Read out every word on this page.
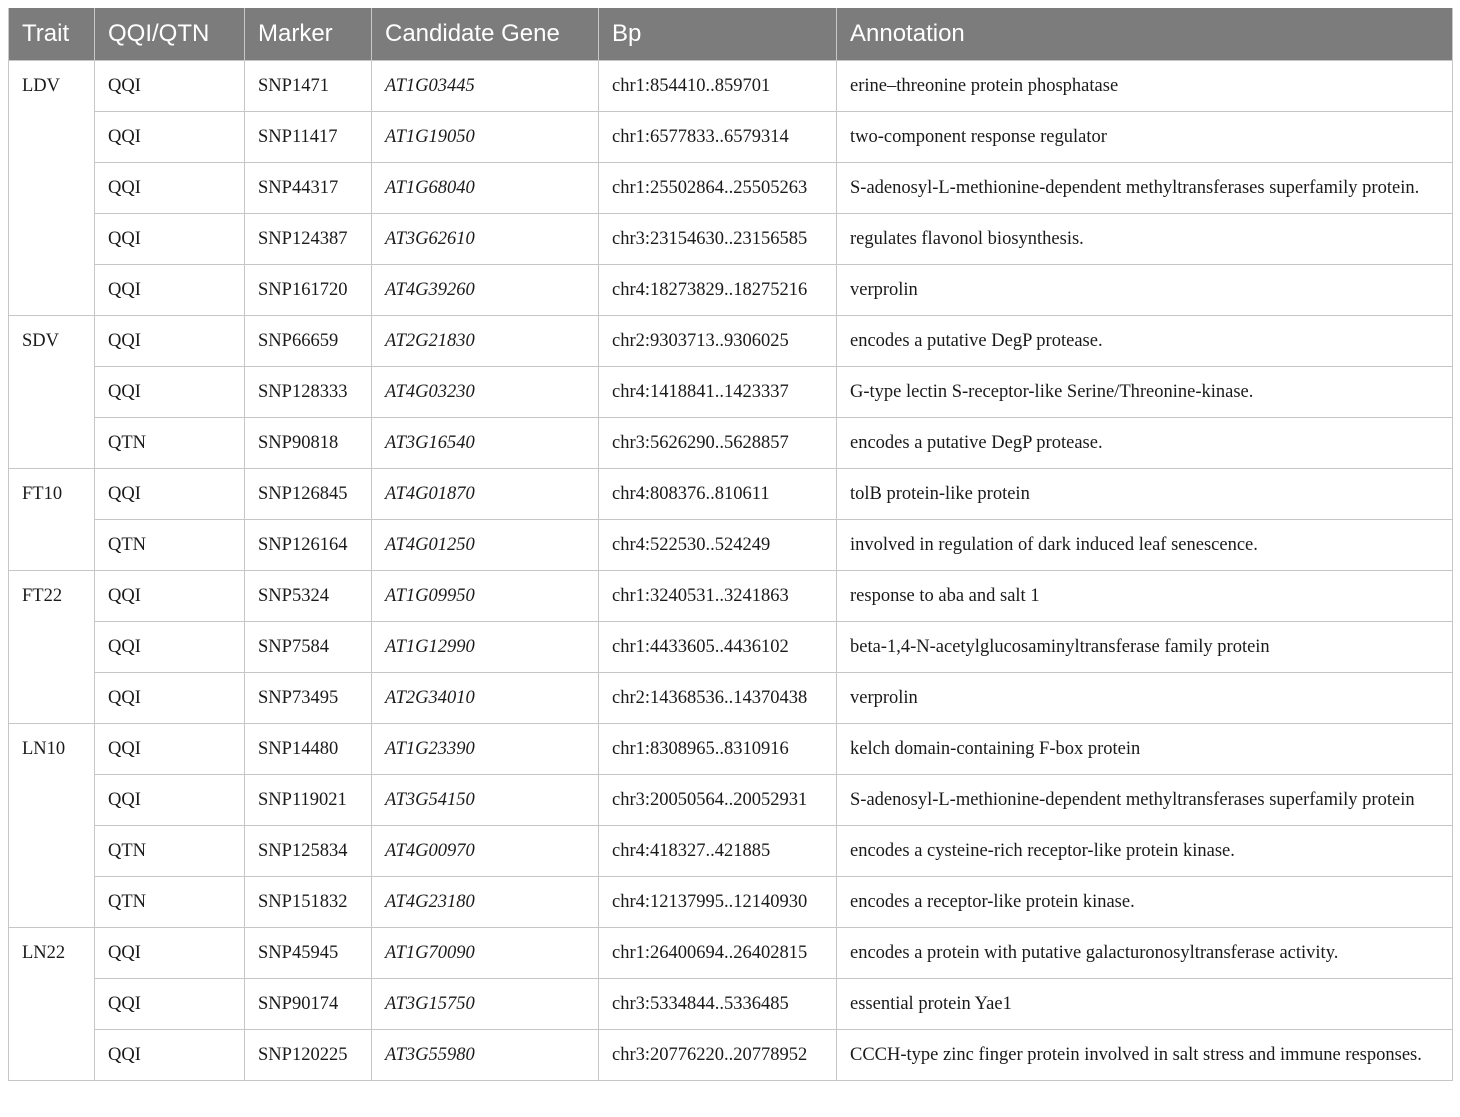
Trait	QQI/QTN	Marker	Candidate Gene	Bp	Annotation
LDV	QQI	SNP1471	AT1G03445	chr1:854410..859701	erine–threonine protein phosphatase
	QQI	SNP11417	AT1G19050	chr1:6577833..6579314	two-component response regulator
	QQI	SNP44317	AT1G68040	chr1:25502864..25505263	S-adenosyl-L-methionine-dependent methyltransferases superfamily protein.
	QQI	SNP124387	AT3G62610	chr3:23154630..23156585	regulates flavonol biosynthesis.
	QQI	SNP161720	AT4G39260	chr4:18273829..18275216	verprolin
SDV	QQI	SNP66659	AT2G21830	chr2:9303713..9306025	encodes a putative DegP protease.
	QQI	SNP128333	AT4G03230	chr4:1418841..1423337	G-type lectin S-receptor-like Serine/Threonine-kinase.
	QTN	SNP90818	AT3G16540	chr3:5626290..5628857	encodes a putative DegP protease.
FT10	QQI	SNP126845	AT4G01870	chr4:808376..810611	tolB protein-like protein
	QTN	SNP126164	AT4G01250	chr4:522530..524249	involved in regulation of dark induced leaf senescence.
FT22	QQI	SNP5324	AT1G09950	chr1:3240531..3241863	response to aba and salt 1
	QQI	SNP7584	AT1G12990	chr1:4433605..4436102	beta-1,4-N-acetylglucosaminyltransferase family protein
	QQI	SNP73495	AT2G34010	chr2:14368536..14370438	verprolin
LN10	QQI	SNP14480	AT1G23390	chr1:8308965..8310916	kelch domain-containing F-box protein
	QQI	SNP119021	AT3G54150	chr3:20050564..20052931	S-adenosyl-L-methionine-dependent methyltransferases superfamily protein
	QTN	SNP125834	AT4G00970	chr4:418327..421885	encodes a cysteine-rich receptor-like protein kinase.
	QTN	SNP151832	AT4G23180	chr4:12137995..12140930	encodes a receptor-like protein kinase.
LN22	QQI	SNP45945	AT1G70090	chr1:26400694..26402815	encodes a protein with putative galacturonosyltransferase activity.
	QQI	SNP90174	AT3G15750	chr3:5334844..5336485	essential protein Yae1
	QQI	SNP120225	AT3G55980	chr3:20776220..20778952	CCCH-type zinc finger protein involved in salt stress and immune responses.
